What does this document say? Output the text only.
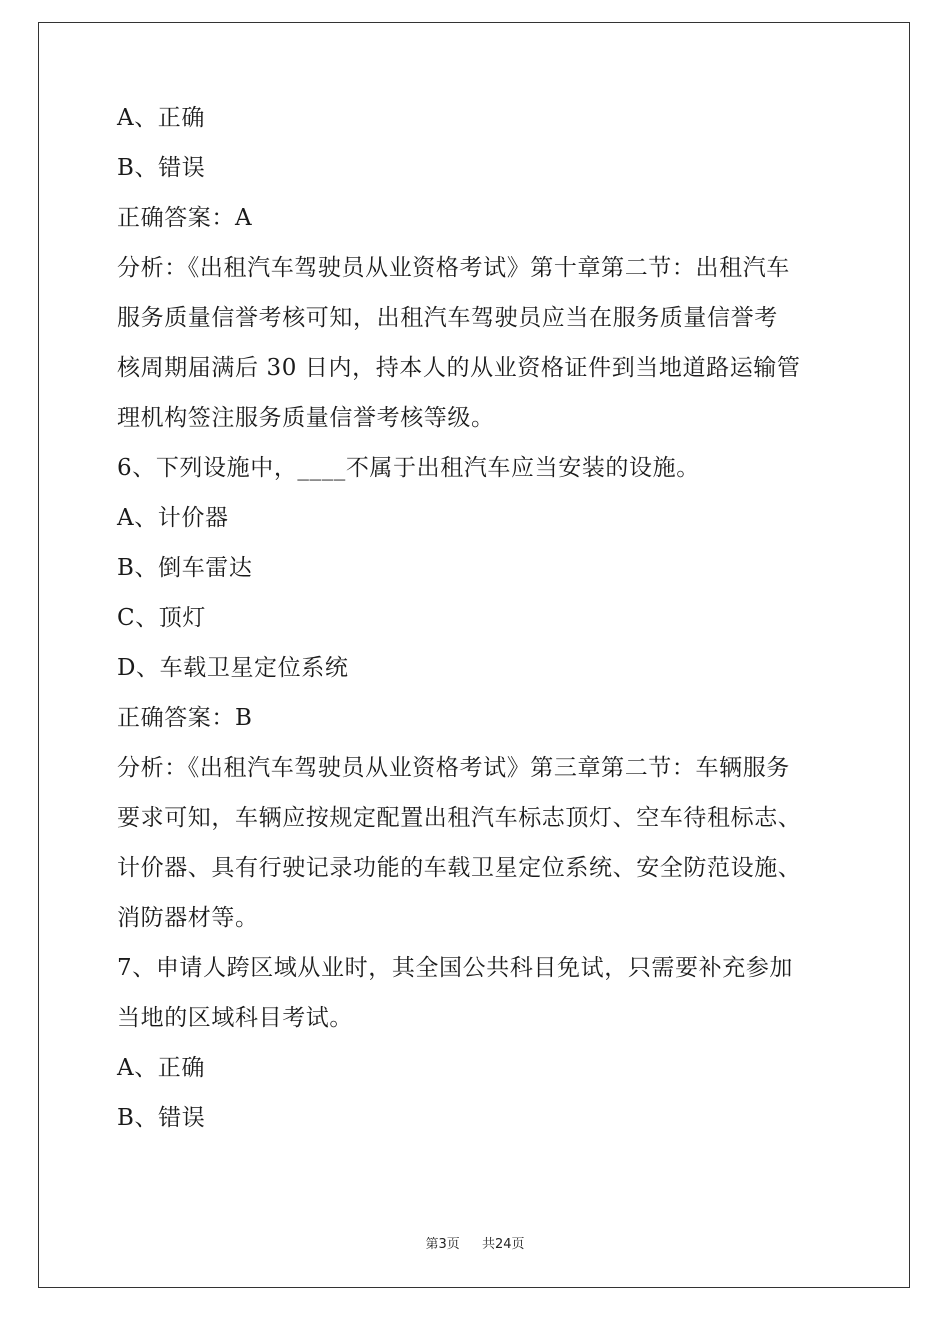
A、正确
B、错误
正确答案：A
分析：《出租汽车驾驶员从业资格考试》第十章第二节：出租汽车
服务质量信誉考核可知，出租汽车驾驶员应当在服务质量信誉考
核周期届满后 30 日内，持本人的从业资格证件到当地道路运输管
理机构签注服务质量信誉考核等级。
6、下列设施中，____不属于出租汽车应当安装的设施。
A、计价器
B、倒车雷达
C、顶灯
D、车载卫星定位系统
正确答案：B
分析：《出租汽车驾驶员从业资格考试》第三章第二节：车辆服务
要求可知，车辆应按规定配置出租汽车标志顶灯、空车待租标志、
计价器、具有行驶记录功能的车载卫星定位系统、安全防范设施、
消防器材等。
7、申请人跨区域从业时，其全国公共科目免试，只需要补充参加
当地的区域科目考试。
A、正确
B、错误
第3页 共24页
